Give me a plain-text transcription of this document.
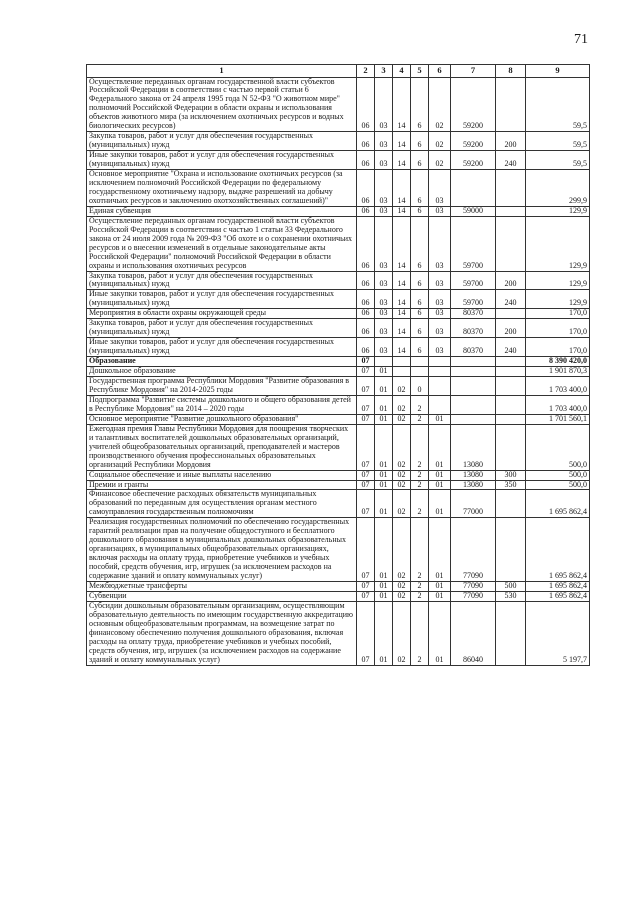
71
1	2	3	4	5	6	7	8	9
Осуществление переданных органам государственной власти субъектов Российской Федерации в соответствии с частью первой статьи 6 Федерального закона от 24 апреля 1995 года N 52-ФЗ "О животном мире" полномочий Российской Федерации в области охраны и использования объектов животного мира (за исключением охотничьих ресурсов и водных биологических ресурсов)	06	03	14	6	02	59200		59,5
Закупка товаров, работ и услуг для обеспечения государственных (муниципальных) нужд	06	03	14	6	02	59200	200	59,5
Иные закупки товаров, работ и услуг для обеспечения государственных (муниципальных) нужд	06	03	14	6	02	59200	240	59,5
Основное мероприятие "Охрана и использование охотничьих ресурсов (за исключением полномочий Российской Федерации по федеральному государственному охотничьему надзору, выдаче разрешений на добычу охотничьих ресурсов и заключению охотхозяйственных соглашений)"	06	03	14	6	03			299,9
Единая субвенция	06	03	14	6	03	59000		129,9
Осуществление переданных органам государственной власти субъектов Российской Федерации в соответствии с частью 1 статьи 33 Федерального закона от 24 июля 2009 года № 209-ФЗ "Об охоте и о сохранении охотничьих ресурсов и о внесении изменений в отдельные законодательные акты Российской Федерации" полномочий Российской Федерации в области охраны и использования охотничьих ресурсов	06	03	14	6	03	59700		129,9
Закупка товаров, работ и услуг для обеспечения государственных (муниципальных) нужд	06	03	14	6	03	59700	200	129,9
Иные закупки товаров, работ и услуг для обеспечения государственных (муниципальных) нужд	06	03	14	6	03	59700	240	129,9
Мероприятия в области охраны окружающей среды	06	03	14	6	03	80370		170,0
Закупка товаров, работ и услуг для обеспечения государственных (муниципальных) нужд	06	03	14	6	03	80370	200	170,0
Иные закупки товаров, работ и услуг для обеспечения государственных (муниципальных) нужд	06	03	14	6	03	80370	240	170,0
Образование	07							8 390 420,0
Дошкольное образование	07	01						1 901 870,3
Государственная программа Республики Мордовия "Развитие образования в Республике Мордовия" на 2014-2025 годы	07	01	02	0				1 703 400,0
Подпрограмма "Развитие системы дошкольного и общего образования детей в Республике Мордовия" на 2014 – 2020 годы	07	01	02	2				1 703 400,0
Основное мероприятие "Развитие дошкольного образования"	07	01	02	2	01			1 701 560,1
Ежегодная премия Главы Республики Мордовия для поощрения творческих и талантливых воспитателей дошкольных образовательных организаций, учителей общеобразовательных организаций, преподавателей и мастеров производственного обучения профессиональных образовательных организаций Республики Мордовия	07	01	02	2	01	13080		500,0
Социальное обеспечение и иные выплаты населению	07	01	02	2	01	13080	300	500,0
Премии и гранты	07	01	02	2	01	13080	350	500,0
Финансовое обеспечение расходных обязательств муниципальных образований по переданным для осуществления органам местного самоуправления государственным полномочиям	07	01	02	2	01	77000		1 695 862,4
Реализация государственных полномочий по обеспечению государственных гарантий реализации прав на получение общедоступного и бесплатного дошкольного образования в муниципальных дошкольных образовательных организациях, в муниципальных общеобразовательных организациях, включая расходы на оплату труда, приобретение учебников и учебных пособий, средств обучения, игр, игрушек (за исключением расходов на содержание зданий и оплату коммунальных услуг)	07	01	02	2	01	77090		1 695 862,4
Межбюджетные трансферты	07	01	02	2	01	77090	500	1 695 862,4
Субвенции	07	01	02	2	01	77090	530	1 695 862,4
Субсидии дошкольным образовательным организациям, осуществляющим образовательную деятельность по имеющим государственную аккредитацию основным общеобразовательным программам, на возмещение затрат по финансовому обеспечению получения дошкольного образования, включая расходы на оплату труда, приобретение учебников и учебных пособий, средств обучения, игр, игрушек (за исключением расходов на содержание зданий и оплату коммунальных услуг)	07	01	02	2	01	86040		5 197,7
